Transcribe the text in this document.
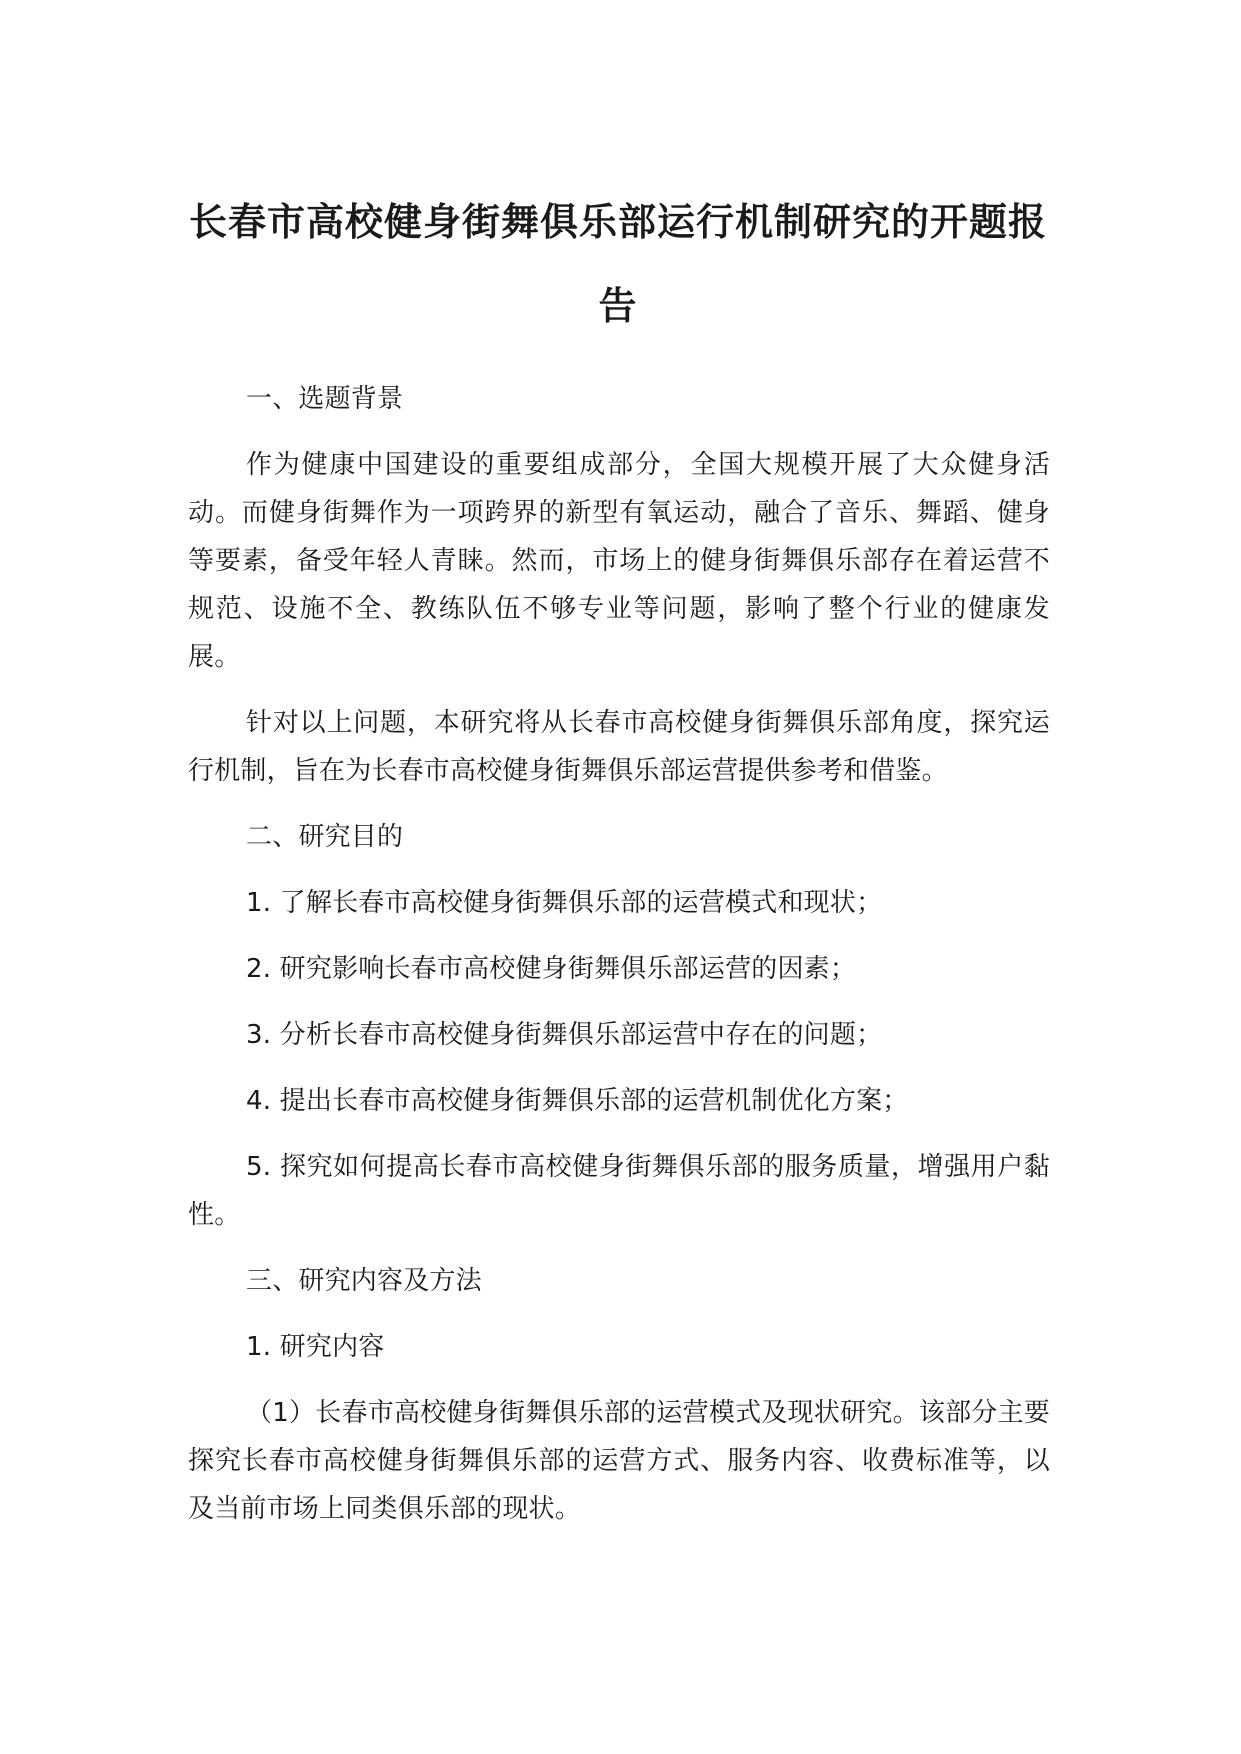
长春市高校健身街舞俱乐部运行机制研究的开题报告

一、选题背景

作为健康中国建设的重要组成部分，全国大规模开展了大众健身活动。而健身街舞作为一项跨界的新型有氧运动，融合了音乐、舞蹈、健身等要素，备受年轻人青睐。然而，市场上的健身街舞俱乐部存在着运营不规范、设施不全、教练队伍不够专业等问题，影响了整个行业的健康发展。

针对以上问题，本研究将从长春市高校健身街舞俱乐部角度，探究运行机制，旨在为长春市高校健身街舞俱乐部运营提供参考和借鉴。

二、研究目的

1. 了解长春市高校健身街舞俱乐部的运营模式和现状；

2. 研究影响长春市高校健身街舞俱乐部运营的因素；

3. 分析长春市高校健身街舞俱乐部运营中存在的问题；

4. 提出长春市高校健身街舞俱乐部的运营机制优化方案；

5. 探究如何提高长春市高校健身街舞俱乐部的服务质量，增强用户黏性。

三、研究内容及方法

1. 研究内容

（1）长春市高校健身街舞俱乐部的运营模式及现状研究。该部分主要探究长春市高校健身街舞俱乐部的运营方式、服务内容、收费标准等，以及当前市场上同类俱乐部的现状。
